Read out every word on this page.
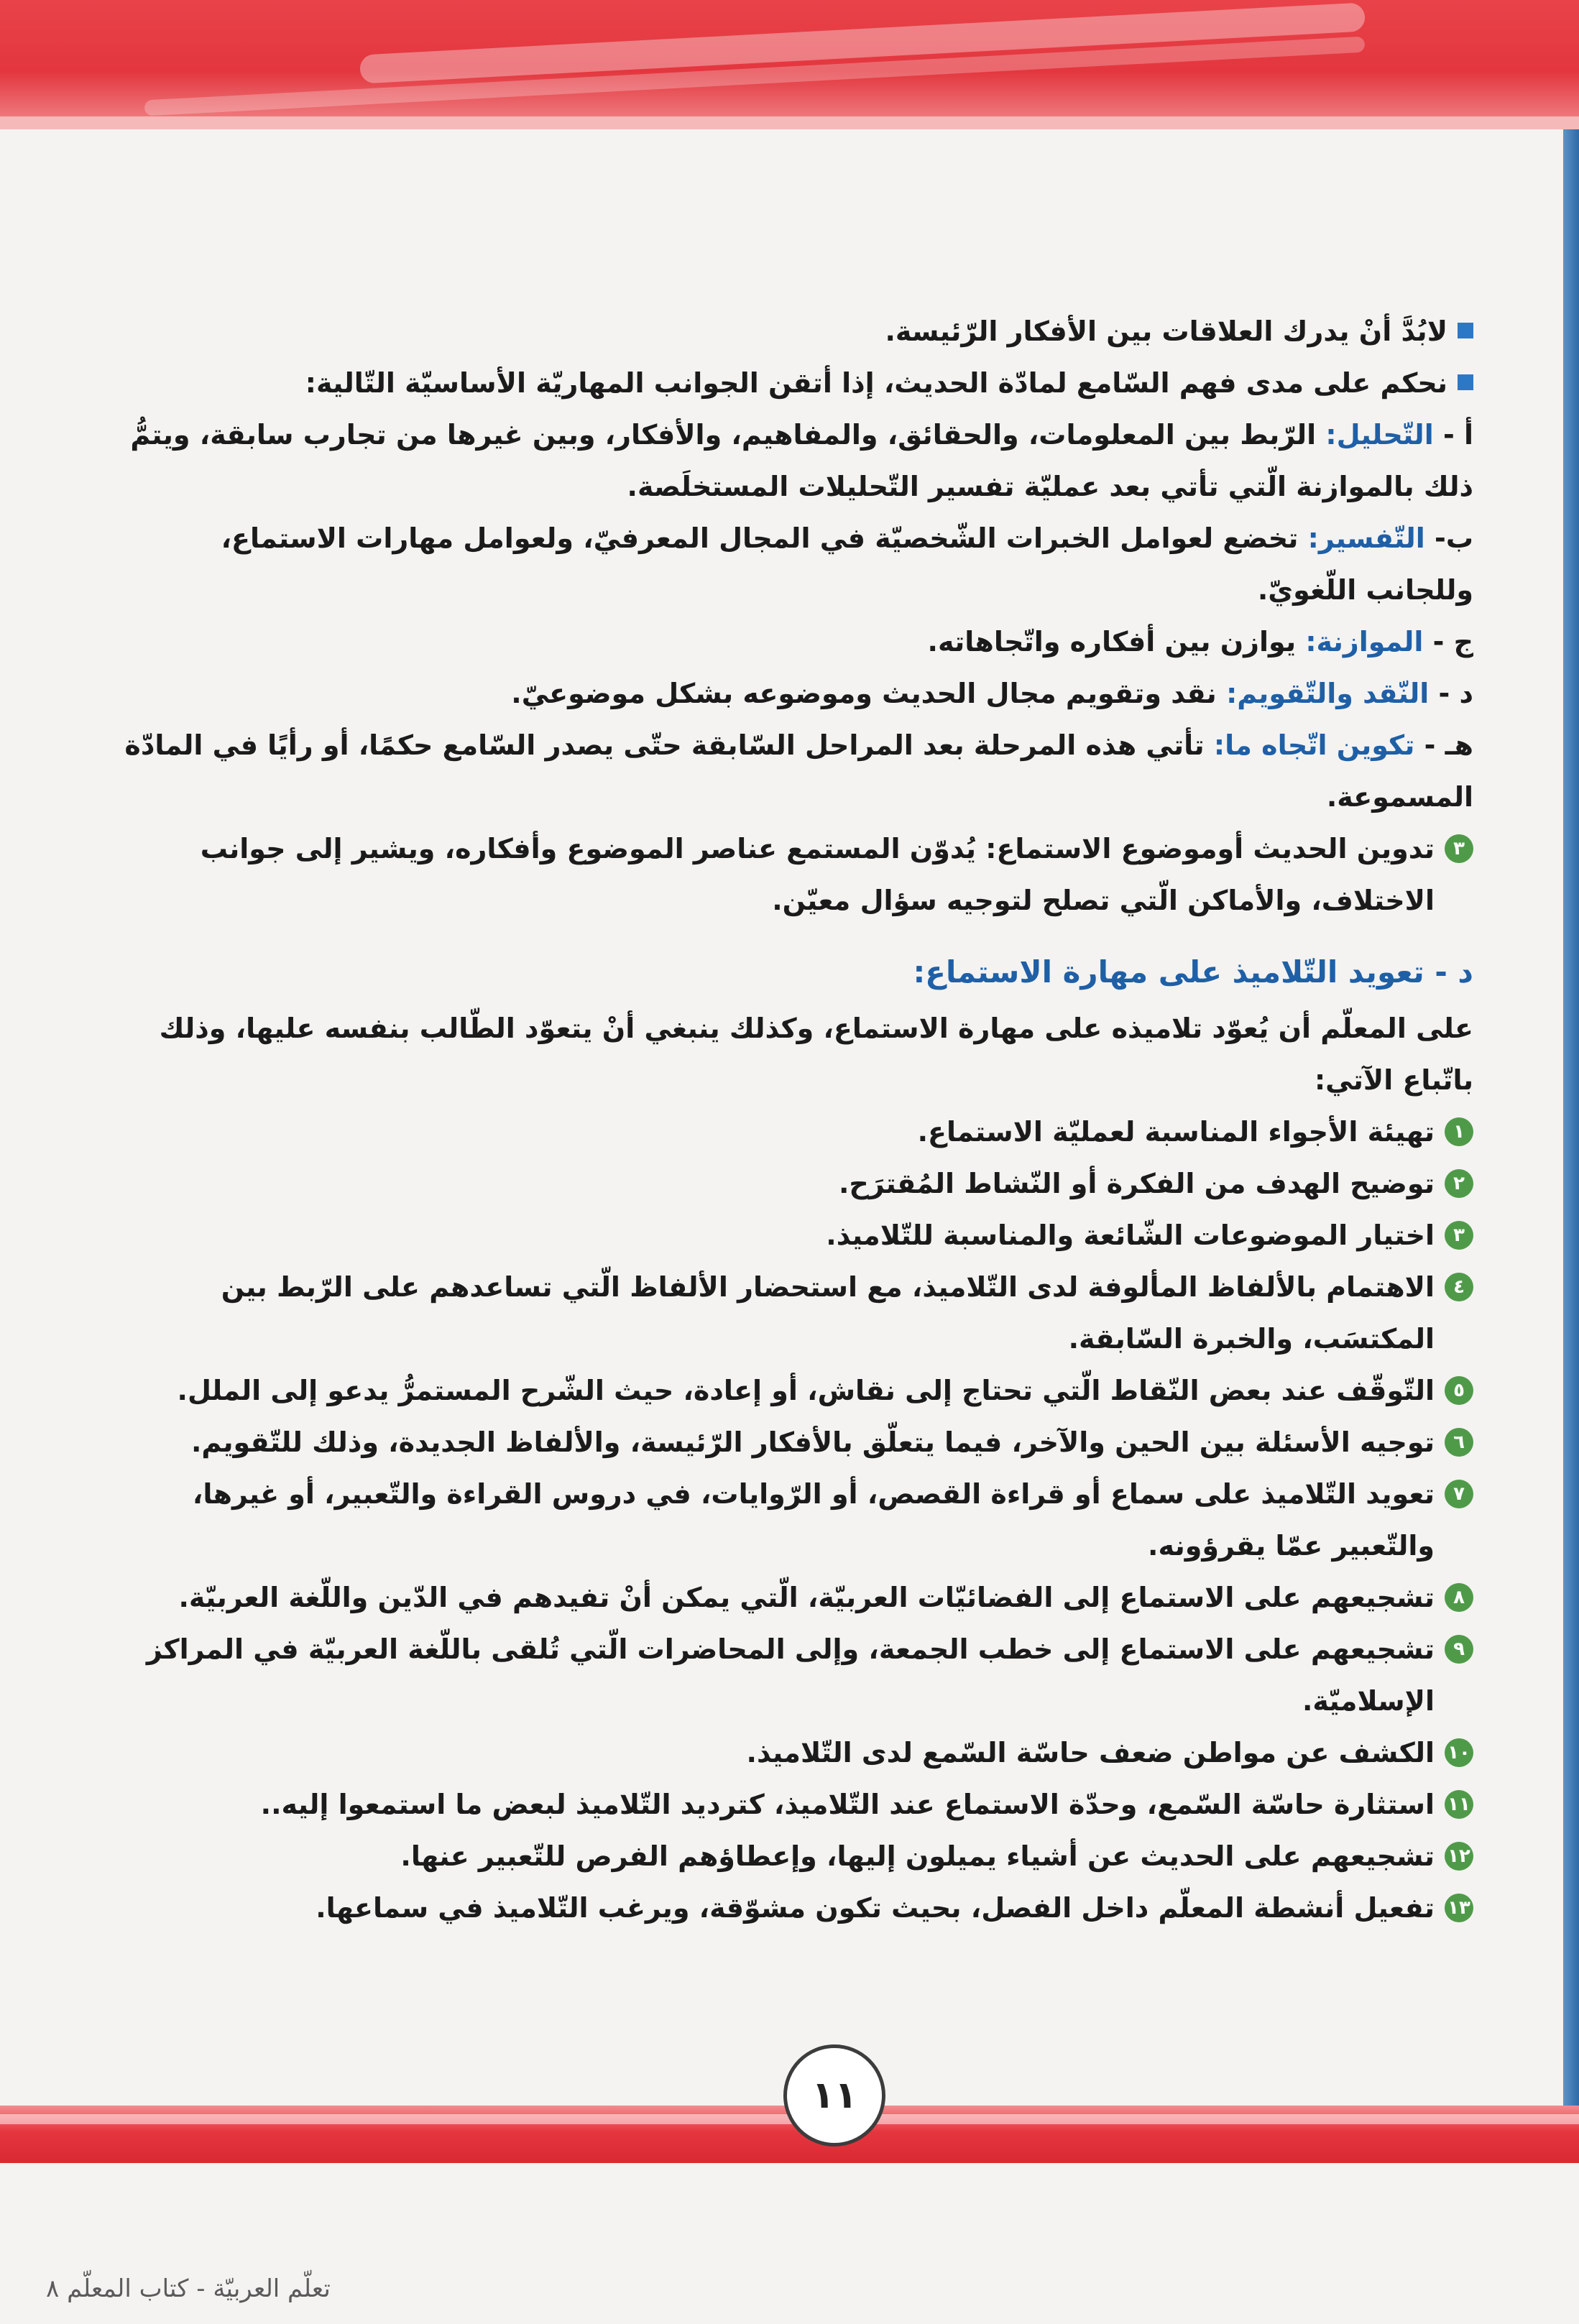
لابُدَّ أنْ يدرك العلاقات بين الأفكار الرّئيسة.

نحكم على مدى فهم السّامع لمادّة الحديث، إذا أتقن الجوانب المهاريّة الأساسيّة التّالية:

أ - التّحليل: الرّبط بين المعلومات، والحقائق، والمفاهيم، والأفكار، وبين غيرها من تجارب سابقة، ويتمُّ ذلك بالموازنة الّتي تأتي بعد عمليّة تفسير التّحليلات المستخلَصة.

ب- التّفسير: تخضع لعوامل الخبرات الشّخصيّة في المجال المعرفيّ، ولعوامل مهارات الاستماع، وللجانب اللّغويّ.

ج - الموازنة: يوازن بين أفكاره واتّجاهاته.

د - النّقد والتّقويم: نقد وتقويم مجال الحديث وموضوعه بشكل موضوعيّ.

هـ - تكوين اتّجاه ما: تأتي هذه المرحلة بعد المراحل السّابقة حتّى يصدر السّامع حكمًا، أو رأيًا في المادّة المسموعة.

٣

تدوين الحديث أوموضوع الاستماع: يُدوّن المستمع عناصر الموضوع وأفكاره، ويشير إلى جوانب الاختلاف، والأماكن الّتي تصلح لتوجيه سؤال معيّن.

د - تعويد التّلاميذ على مهارة الاستماع:

على المعلّم أن يُعوّد تلاميذه على مهارة الاستماع، وكذلك ينبغي أنْ يتعوّد الطّالب بنفسه عليها، وذلك باتّباع الآتي:

١

تهيئة الأجواء المناسبة لعمليّة الاستماع.

٢

توضيح الهدف من الفكرة أو النّشاط المُقترَح.

٣

اختيار الموضوعات الشّائعة والمناسبة للتّلاميذ.

٤

الاهتمام بالألفاظ المألوفة لدى التّلاميذ، مع استحضار الألفاظ الّتي تساعدهم على الرّبط بين المكتسَب، والخبرة السّابقة.

٥

التّوقّف عند بعض النّقاط الّتي تحتاج إلى نقاش، أو إعادة، حيث الشّرح المستمرُّ يدعو إلى الملل.

٦

توجيه الأسئلة بين الحين والآخر، فيما يتعلّق بالأفكار الرّئيسة، والألفاظ الجديدة، وذلك للتّقويم.

٧

تعويد التّلاميذ على سماع أو قراءة القصص، أو الرّوايات، في دروس القراءة والتّعبير، أو غيرها، والتّعبير عمّا يقرؤونه.

٨

تشجيعهم على الاستماع إلى الفضائيّات العربيّة، الّتي يمكن أنْ تفيدهم في الدّين واللّغة العربيّة.

٩

تشجيعهم على الاستماع إلى خطب الجمعة، وإلى المحاضرات الّتي تُلقى باللّغة العربيّة في المراكز الإسلاميّة.

١٠

الكشف عن مواطن ضعف حاسّة السّمع لدى التّلاميذ.

١١

استثارة حاسّة السّمع، وحدّة الاستماع عند التّلاميذ، كترديد التّلاميذ لبعض ما استمعوا إليه..

١٢

تشجيعهم على الحديث عن أشياء يميلون إليها، وإعطاؤهم الفرص للتّعبير عنها.

١٣

تفعيل أنشطة المعلّم داخل الفصل، بحيث تكون مشوّقة، ويرغب التّلاميذ في سماعها.

١١
تعلّم العربيّة - كتاب المعلّم ٨
